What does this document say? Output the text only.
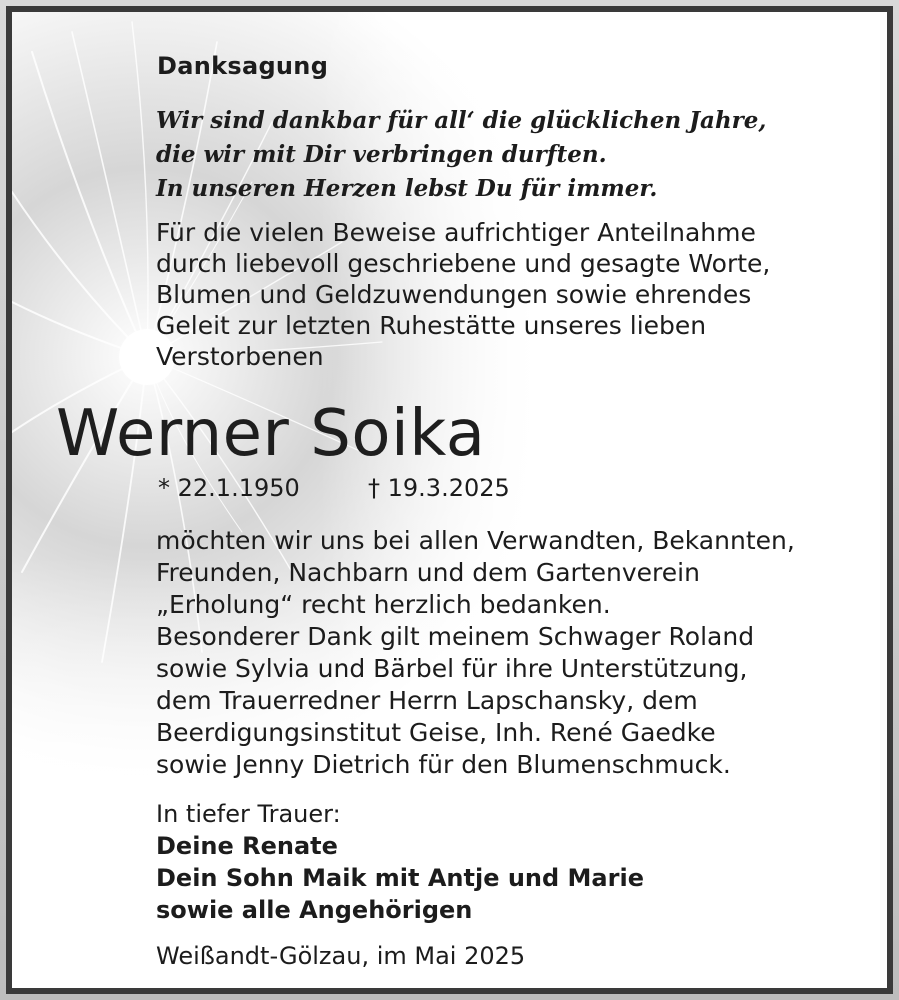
Danksagung
Wir sind dankbar für all‘ die glücklichen Jahre,
die wir mit Dir verbringen durften.
In unseren Herzen lebst Du für immer.
Für die vielen Beweise aufrichtiger Anteilnahme
durch liebevoll geschriebene und gesagte Worte,
Blumen und Geldzuwendungen sowie ehrendes
Geleit zur letzten Ruhestätte unseres lieben
Verstorbenen
Werner Soika
* 22.1.1950	† 19.3.2025
möchten wir uns bei allen Verwandten, Bekannten,
Freunden, Nachbarn und dem Gartenverein
„Erholung“ recht herzlich bedanken.
Besonderer Dank gilt meinem Schwager Roland
sowie Sylvia und Bärbel für ihre Unterstützung,
dem Trauerredner Herrn Lapschansky, dem
Beerdigungsinstitut Geise, Inh. René Gaedke
sowie Jenny Dietrich für den Blumenschmuck.
In tiefer Trauer:
Deine Renate
Dein Sohn Maik mit Antje und Marie
sowie alle Angehörigen
Weißandt-Gölzau, im Mai 2025
